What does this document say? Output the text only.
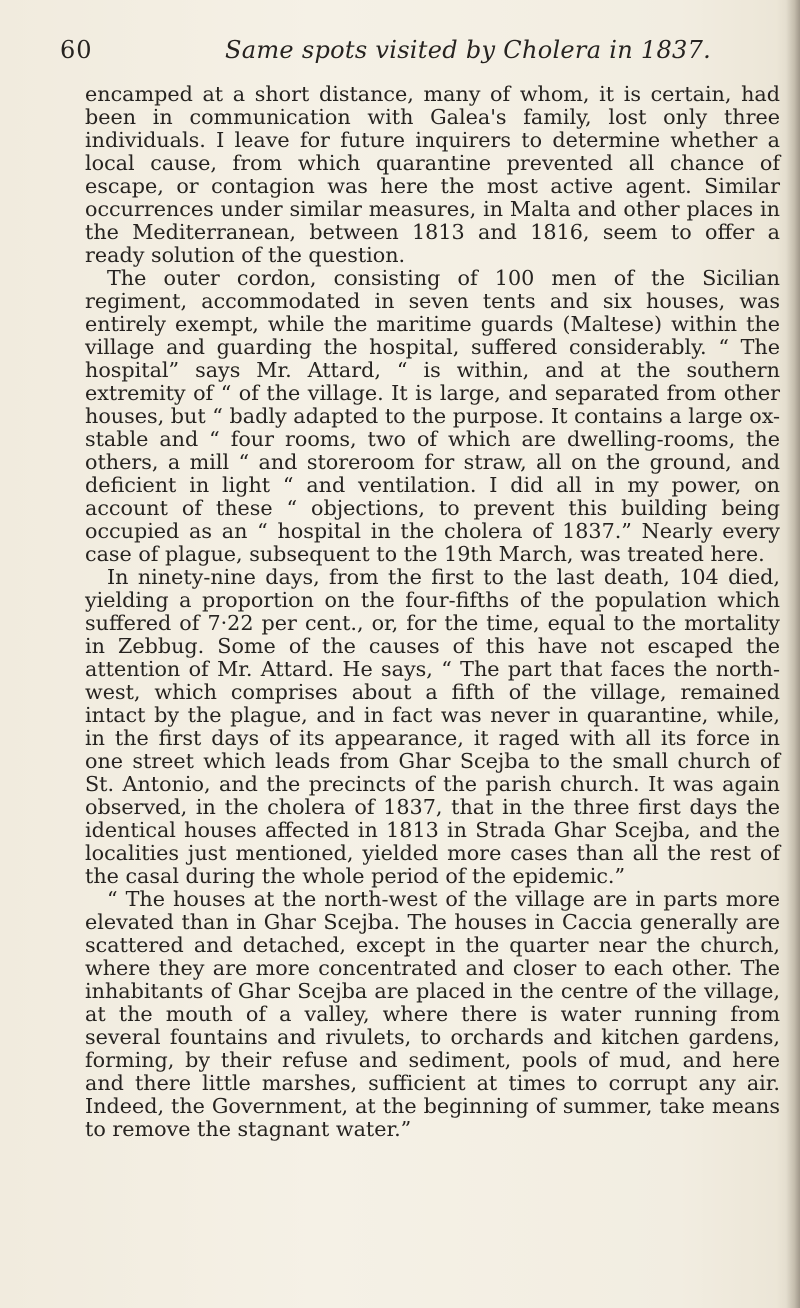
60	Same spots visited by Cholera in 1837.

encamped at a short distance, many of whom, it is certain, had been in communication with Galea's family, lost only three individuals. I leave for future inquirers to determine whether a local cause, from which quarantine prevented all chance of escape, or contagion was here the most active agent. Similar occurrences under similar measures, in Malta and other places in the Mediterranean, between 1813 and 1816, seem to offer a ready solution of the question.

The outer cordon, consisting of 100 men of the Sicilian regiment, accommodated in seven tents and six houses, was entirely exempt, while the maritime guards (Maltese) within the village and guarding the hospital, suffered considerably. “ The hospital” says Mr. Attard, “ is within, and at the southern extremity of “ of the village. It is large, and separated from other houses, but “ badly adapted to the purpose. It contains a large ox-stable and “ four rooms, two of which are dwelling-rooms, the others, a mill “ and storeroom for straw, all on the ground, and deficient in light “ and ventilation. I did all in my power, on account of these “ objections, to prevent this building being occupied as an “ hospital in the cholera of 1837.” Nearly every case of plague, subsequent to the 19th March, was treated here.

In ninety-nine days, from the first to the last death, 104 died, yielding a proportion on the four-fifths of the population which suffered of 7·22 per cent., or, for the time, equal to the mortality in Zebbug. Some of the causes of this have not escaped the attention of Mr. Attard. He says, “ The part that faces the north-west, which comprises about a fifth of the village, remained intact by the plague, and in fact was never in quarantine, while, in the first days of its appearance, it raged with all its force in one street which leads from Ghar Scejba to the small church of St. Antonio, and the precincts of the parish church. It was again observed, in the cholera of 1837, that in the three first days the identical houses affected in 1813 in Strada Ghar Scejba, and the localities just mentioned, yielded more cases than all the rest of the casal during the whole period of the epidemic.”

“ The houses at the north-west of the village are in parts more elevated than in Ghar Scejba. The houses in Caccia generally are scattered and detached, except in the quarter near the church, where they are more concentrated and closer to each other. The inhabitants of Ghar Scejba are placed in the centre of the village, at the mouth of a valley, where there is water running from several fountains and rivulets, to orchards and kitchen gardens, forming, by their refuse and sediment, pools of mud, and here and there little marshes, sufficient at times to corrupt any air. Indeed, the Government, at the beginning of summer, take means to remove the stagnant water.”
